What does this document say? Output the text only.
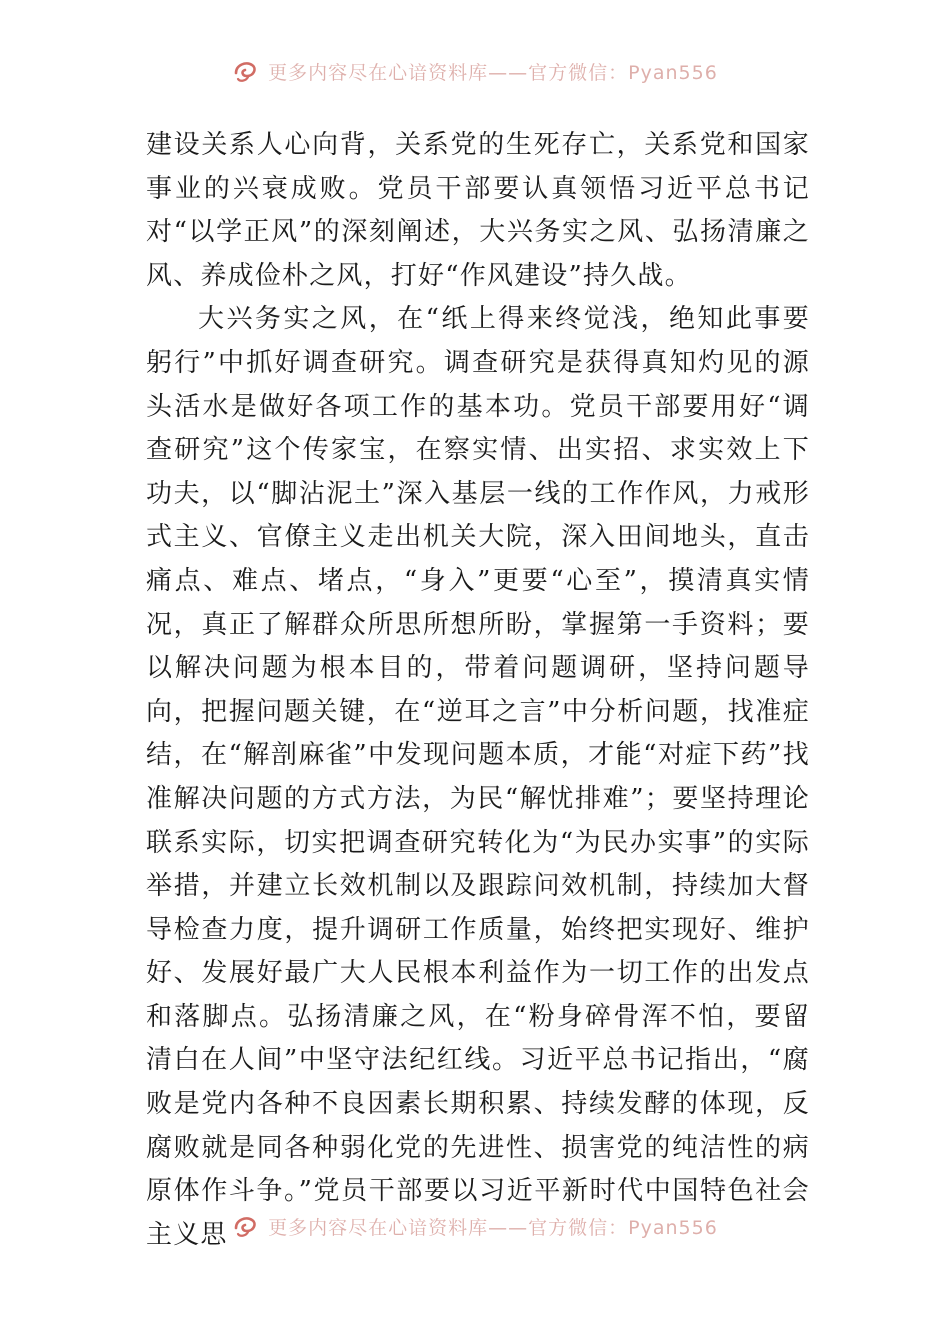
更多内容尽在心谙资料库——官方微信：Pyan556

建设关系人心向背，关系党的生死存亡，关系党和国家事业的兴衰成败。党员干部要认真领悟习近平总书记对“以学正风”的深刻阐述，大兴务实之风、弘扬清廉之风、养成俭朴之风，打好“作风建设”持久战。

大兴务实之风，在“纸上得来终觉浅，绝知此事要躬行”中抓好调查研究。调查研究是获得真知灼见的源头活水是做好各项工作的基本功。党员干部要用好“调查研究”这个传家宝，在察实情、出实招、求实效上下功夫，以“脚沾泥土”深入基层一线的工作作风，力戒形式主义、官僚主义走出机关大院，深入田间地头，直击痛点、难点、堵点，“身入”更要“心至”，摸清真实情况，真正了解群众所思所想所盼，掌握第一手资料；要以解决问题为根本目的，带着问题调研，坚持问题导向，把握问题关键，在“逆耳之言”中分析问题，找准症结，在“解剖麻雀”中发现问题本质，才能“对症下药”找准解决问题的方式方法，为民“解忧排难”；要坚持理论联系实际，切实把调查研究转化为“为民办实事”的实际举措，并建立长效机制以及跟踪问效机制，持续加大督导检查力度，提升调研工作质量，始终把实现好、维护好、发展好最广大人民根本利益作为一切工作的出发点和落脚点。弘扬清廉之风，在“粉身碎骨浑不怕，要留清白在人间”中坚守法纪红线。习近平总书记指出，“腐败是党内各种不良因素长期积累、持续发酵的体现，反腐败就是同各种弱化党的先进性、损害党的纯洁性的病原体作斗争。”党员干部要以习近平新时代中国特色社会主义思	更多内容尽在心谙资料库——官方微信：Pyan556
